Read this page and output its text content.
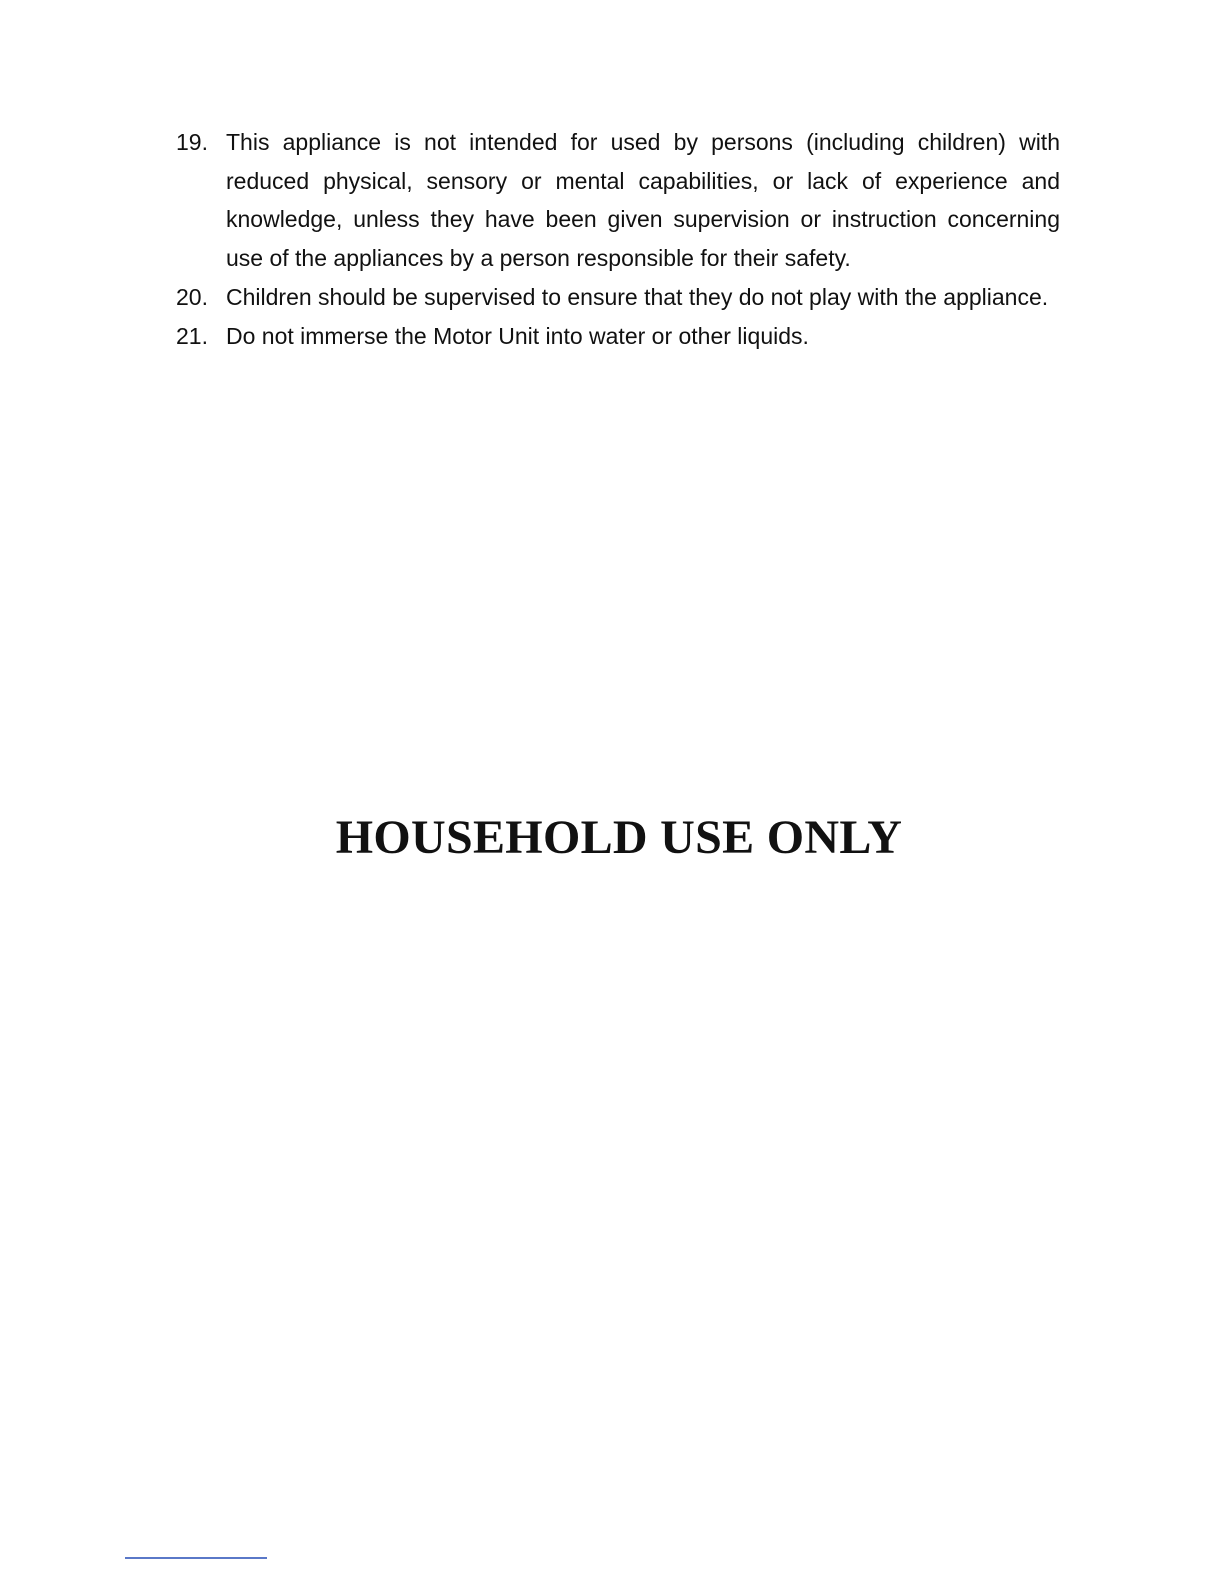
19. This appliance is not intended for used by persons (including children) with reduced physical, sensory or mental capabilities, or lack of experience and knowledge, unless they have been given supervision or instruction concerning use of the appliances by a person responsible for their safety.
20. Children should be supervised to ensure that they do not play with the appliance.
21. Do not immerse the Motor Unit into water or other liquids.
HOUSEHOLD USE ONLY
